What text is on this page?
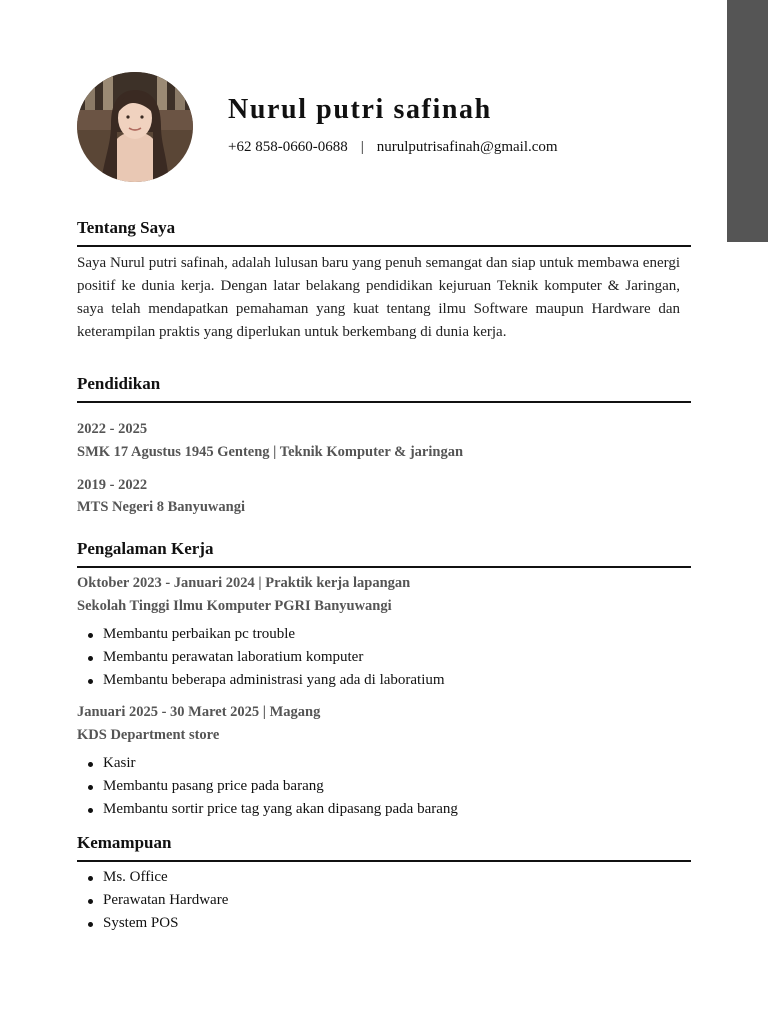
Nurul putri safinah
+62 858-0660-0688 | nurulputrisafinah@gmail.com
Tentang Saya

Saya Nurul putri safinah, adalah lulusan baru yang penuh semangat dan siap untuk membawa energi positif ke dunia kerja. Dengan latar belakang pendidikan kejuruan Teknik komputer & Jaringan, saya telah mendapatkan pemahaman yang kuat tentang ilmu Software maupun Hardware dan keterampilan praktis yang diperlukan untuk berkembang di dunia kerja.

Pendidikan
2022 - 2025
SMK 17 Agustus 1945 Genteng | Teknik Komputer & jaringan
2019 - 2022
MTS Negeri 8 Banyuwangi
Pengalaman Kerja
Oktober 2023 - Januari 2024 | Praktik kerja lapangan
Sekolah Tinggi Ilmu Komputer PGRI Banyuwangi
Membantu perbaikan pc trouble
Membantu perawatan laboratium komputer
Membantu beberapa administrasi yang ada di laboratium
Januari 2025 - 30 Maret 2025 | Magang
KDS Department store
Kasir
Membantu pasang price pada barang
Membantu sortir price tag yang akan dipasang pada barang
Kemampuan
Ms. Office
Perawatan Hardware
System POS
